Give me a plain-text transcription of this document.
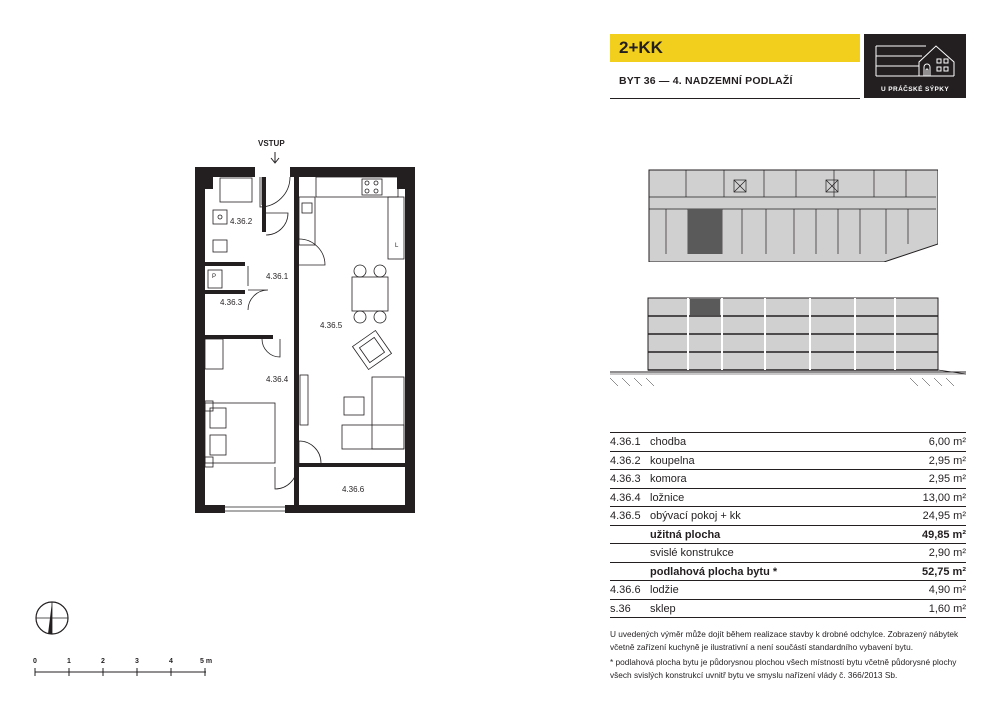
2+KK
BYT 36 — 4. NADZEMNÍ PODLAŽÍ
U PRÁČSKÉ SÝPKY
VSTUP
4.36.2
4.36.1
4.36.3
4.36.5
4.36.4
4.36.6
P
L
4.36.1 chodba	6,00 m²
4.36.2 koupelna	2,95 m²
4.36.3 komora	2,95 m²
4.36.4 ložnice	13,00 m²
4.36.5 obývací pokoj + kk	24,95 m²
užitná plocha	49,85 m²
svislé konstrukce	2,90 m²
podlahová plocha bytu *	52,75 m²
4.36.6 lodžie	4,90 m²
s.36	sklep	1,60 m²
U uvedených výměr může dojít během realizace stavby k drobné odchylce. Zobrazený nábytek včetně zařízení kuchyně je ilustrativní a není součástí standardního vybavení bytu.
* podlahová plocha bytu je půdorysnou plochou všech místností bytu včetně půdorysné plochy všech svislých konstrukcí uvnitř bytu ve smyslu nařízení vlády č. 366/2013 Sb.
0	1	2	3	4	5 m
